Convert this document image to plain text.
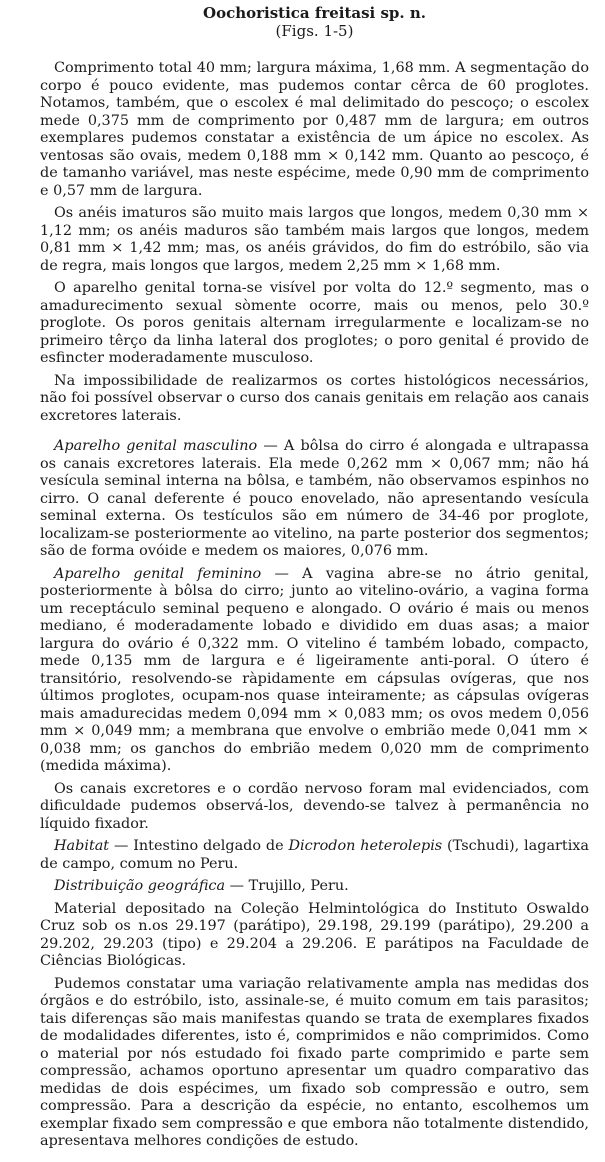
Oochoristica freitasi sp. n.
(Figs. 1-5)

Comprimento total 40 mm; largura máxima, 1,68 mm. A segmentação do corpo é pouco evidente, mas pudemos contar cêrca de 60 proglotes. Notamos, também, que o escolex é mal delimitado do pescoço; o escolex mede 0,375 mm de comprimento por 0,487 mm de largura; em outros exemplares pudemos constatar a existência de um ápice no escolex. As ventosas são ovais, medem 0,188 mm × 0,142 mm. Quanto ao pescoço, é de tamanho variável, mas neste espécime, mede 0,90 mm de comprimento e 0,57 mm de largura.

Os anéis imaturos são muito mais largos que longos, medem 0,30 mm × 1,12 mm; os anéis maduros são também mais largos que longos, medem 0,81 mm × 1,42 mm; mas, os anéis grávidos, do fim do estróbilo, são via de regra, mais longos que largos, medem 2,25 mm × 1,68 mm.

O aparelho genital torna-se visível por volta do 12.º segmento, mas o amadurecimento sexual sòmente ocorre, mais ou menos, pelo 30.º proglote. Os poros genitais alternam irregularmente e localizam-se no primeiro têrço da linha lateral dos proglotes; o poro genital é provido de esfincter moderadamente musculoso.

Na impossibilidade de realizarmos os cortes histológicos necessários, não foi possível observar o curso dos canais genitais em relação aos canais excretores laterais.

Aparelho genital masculino — A bôlsa do cirro é alongada e ultrapassa os canais excretores laterais. Ela mede 0,262 mm × 0,067 mm; não há vesícula seminal interna na bôlsa, e também, não observamos espinhos no cirro. O canal deferente é pouco enovelado, não apresentando vesícula seminal externa. Os testículos são em número de 34-46 por proglote, localizam-se posteriormente ao vitelino, na parte posterior dos segmentos; são de forma ovóide e medem os maiores, 0,076 mm.

Aparelho genital feminino — A vagina abre-se no átrio genital, posteriormente à bôlsa do cirro; junto ao vitelino-ovário, a vagina forma um receptáculo seminal pequeno e alongado. O ovário é mais ou menos mediano, é moderadamente lobado e dividido em duas asas; a maior largura do ovário é 0,322 mm. O vitelino é também lobado, compacto, mede 0,135 mm de largura e é ligeiramente anti-poral. O útero é transitório, resolvendo-se ràpidamente em cápsulas ovígeras, que nos últimos proglotes, ocupam-nos quase inteiramente; as cápsulas ovígeras mais amadurecidas medem 0,094 mm × 0,083 mm; os ovos medem 0,056 mm × 0,049 mm; a membrana que envolve o embrião mede 0,041 mm × 0,038 mm; os ganchos do embrião medem 0,020 mm de comprimento (medida máxima).

Os canais excretores e o cordão nervoso foram mal evidenciados, com dificuldade pudemos observá-los, devendo-se talvez à permanência no líquido fixador.

Habitat — Intestino delgado de Dicrodon heterolepis (Tschudi), lagartixa de campo, comum no Peru.

Distribuição geográfica — Trujillo, Peru.

Material depositado na Coleção Helmintológica do Instituto Oswaldo Cruz sob os n.os 29.197 (parátipo), 29.198, 29.199 (parátipo), 29.200 a 29.202, 29.203 (tipo) e 29.204 a 29.206. E parátipos na Faculdade de Ciências Biológicas.

Pudemos constatar uma variação relativamente ampla nas medidas dos órgãos e do estróbilo, isto, assinale-se, é muito comum em tais parasitos; tais diferenças são mais manifestas quando se trata de exemplares fixados de modalidades diferentes, isto é, comprimidos e não comprimidos. Como o material por nós estudado foi fixado parte comprimido e parte sem compressão, achamos oportuno apresentar um quadro comparativo das medidas de dois espécimes, um fixado sob compressão e outro, sem compressão. Para a descrição da espécie, no entanto, escolhemos um exemplar fixado sem compressão e que embora não totalmente distendido, apresentava melhores condições de estudo.
